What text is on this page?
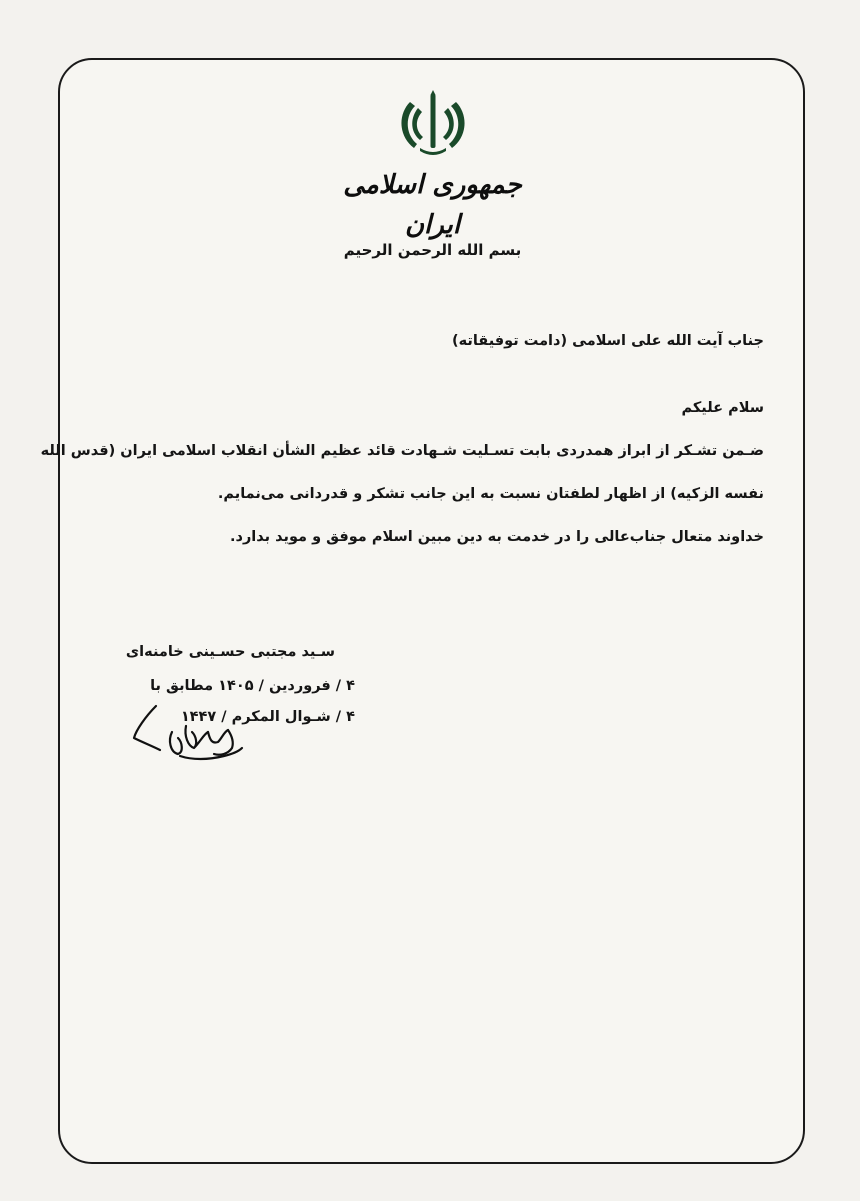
جمهوری اسلامی ایران
بسم الله الرحمن الرحیم
جناب آیت الله علی اسلامی (دامت توفیقاته)
سلام علیکم
ضـمن تشـکر از ابراز همدردی بابت تسـلیت شـهادت قائد عظیم الشأن انقلاب اسلامی ایران (قدس الله
نفسه الزکیه) از اظهار لطفتان نسبت به این جانب تشکر و قدردانی می‌نمایم.
خداوند متعال جناب‌عالی را در خدمت به دین مبین اسلام موفق و موید بدارد.
سـید مجتبی حسـینی خامنه‌ای
۴ / فروردین / ۱۴۰۵ مطابق با
۴ / شـوال المکرم / ۱۴۴۷
